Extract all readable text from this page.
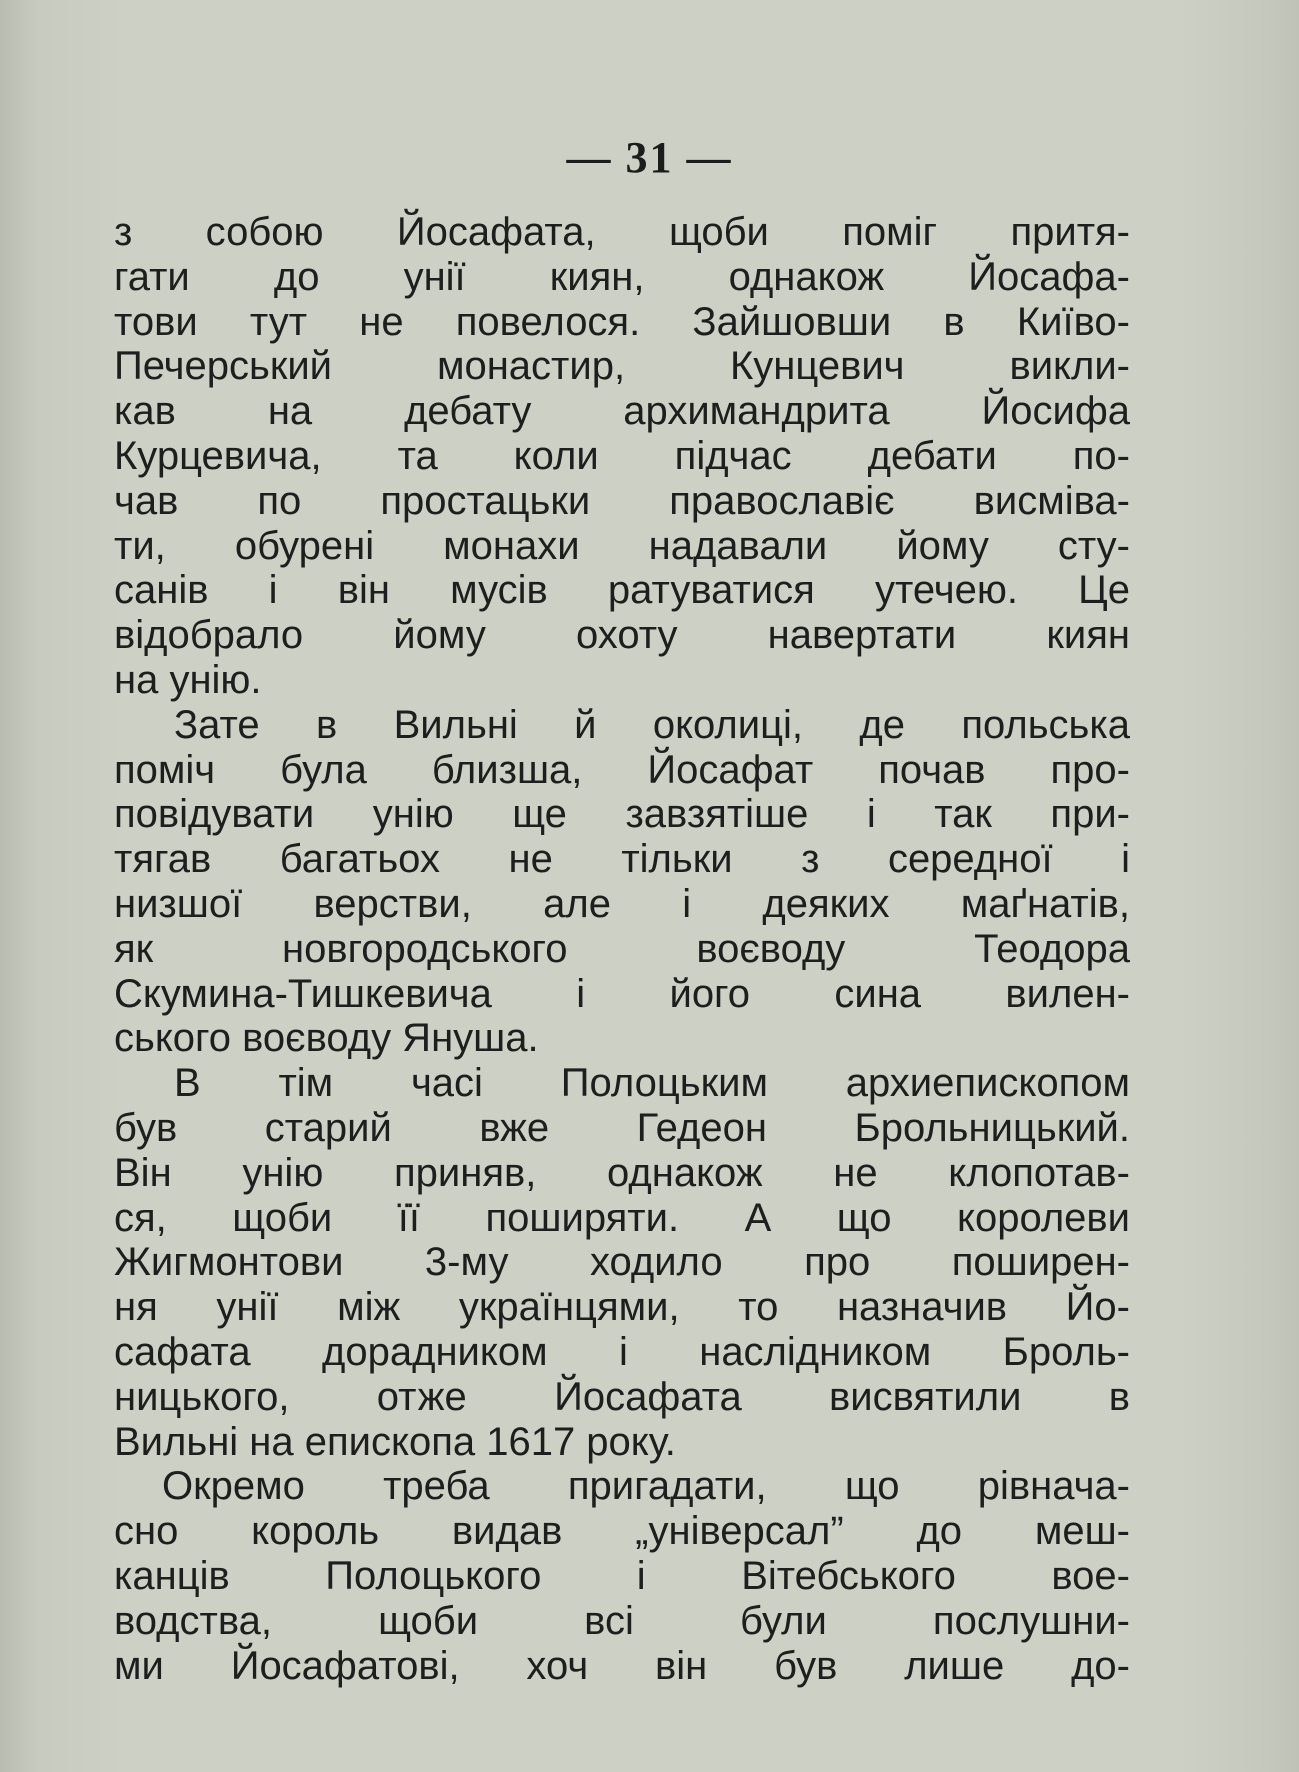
— 31 —
з собою Йосафата, щоби поміг притя-
гати до унії киян, однакож Йосафа-
тови тут не повелося. Зайшовши в Київо-
Печерський монастир, Кунцевич викли-
кав на дебату архимандрита Йосифа
Курцевича, та коли підчас дебати по-
чав по простацьки православіє висміва-
ти, обурені монахи надавали йому сту-
санів і він мусів ратуватися утечею. Це
відобрало йому охоту навертати киян
на унію.
Зате в Вильні й околиці, де польська
поміч була близша, Йосафат почав про-
повідувати унію ще завзятіше і так при-
тягав багатьох не тільки з середної і
низшої верстви, але і деяких маґнатів,
як новгородського воєводу Теодора
Скумина-Тишкевича і його сина вилен-
ського воєводу Януша.
В тім часі Полоцьким архиепископом
був старий вже Гедеон Брольницький.
Він унію приняв, однакож не клопотав-
ся, щоби її поширяти. А що королеви
Жигмонтови 3-му ходило про поширен-
ня унії між українцями, то назначив Йо-
сафата дорадником і наслідником Броль-
ницького, отже Йосафата висвятили в
Вильні на епископа 1617 року.
Окремо треба пригадати, що рівнача-
сно король видав „універсал” до меш-
канців Полоцького і Вітебського вое-
водства, щоби всі були послушни-
ми Йосафатові, хоч він був лише до-
